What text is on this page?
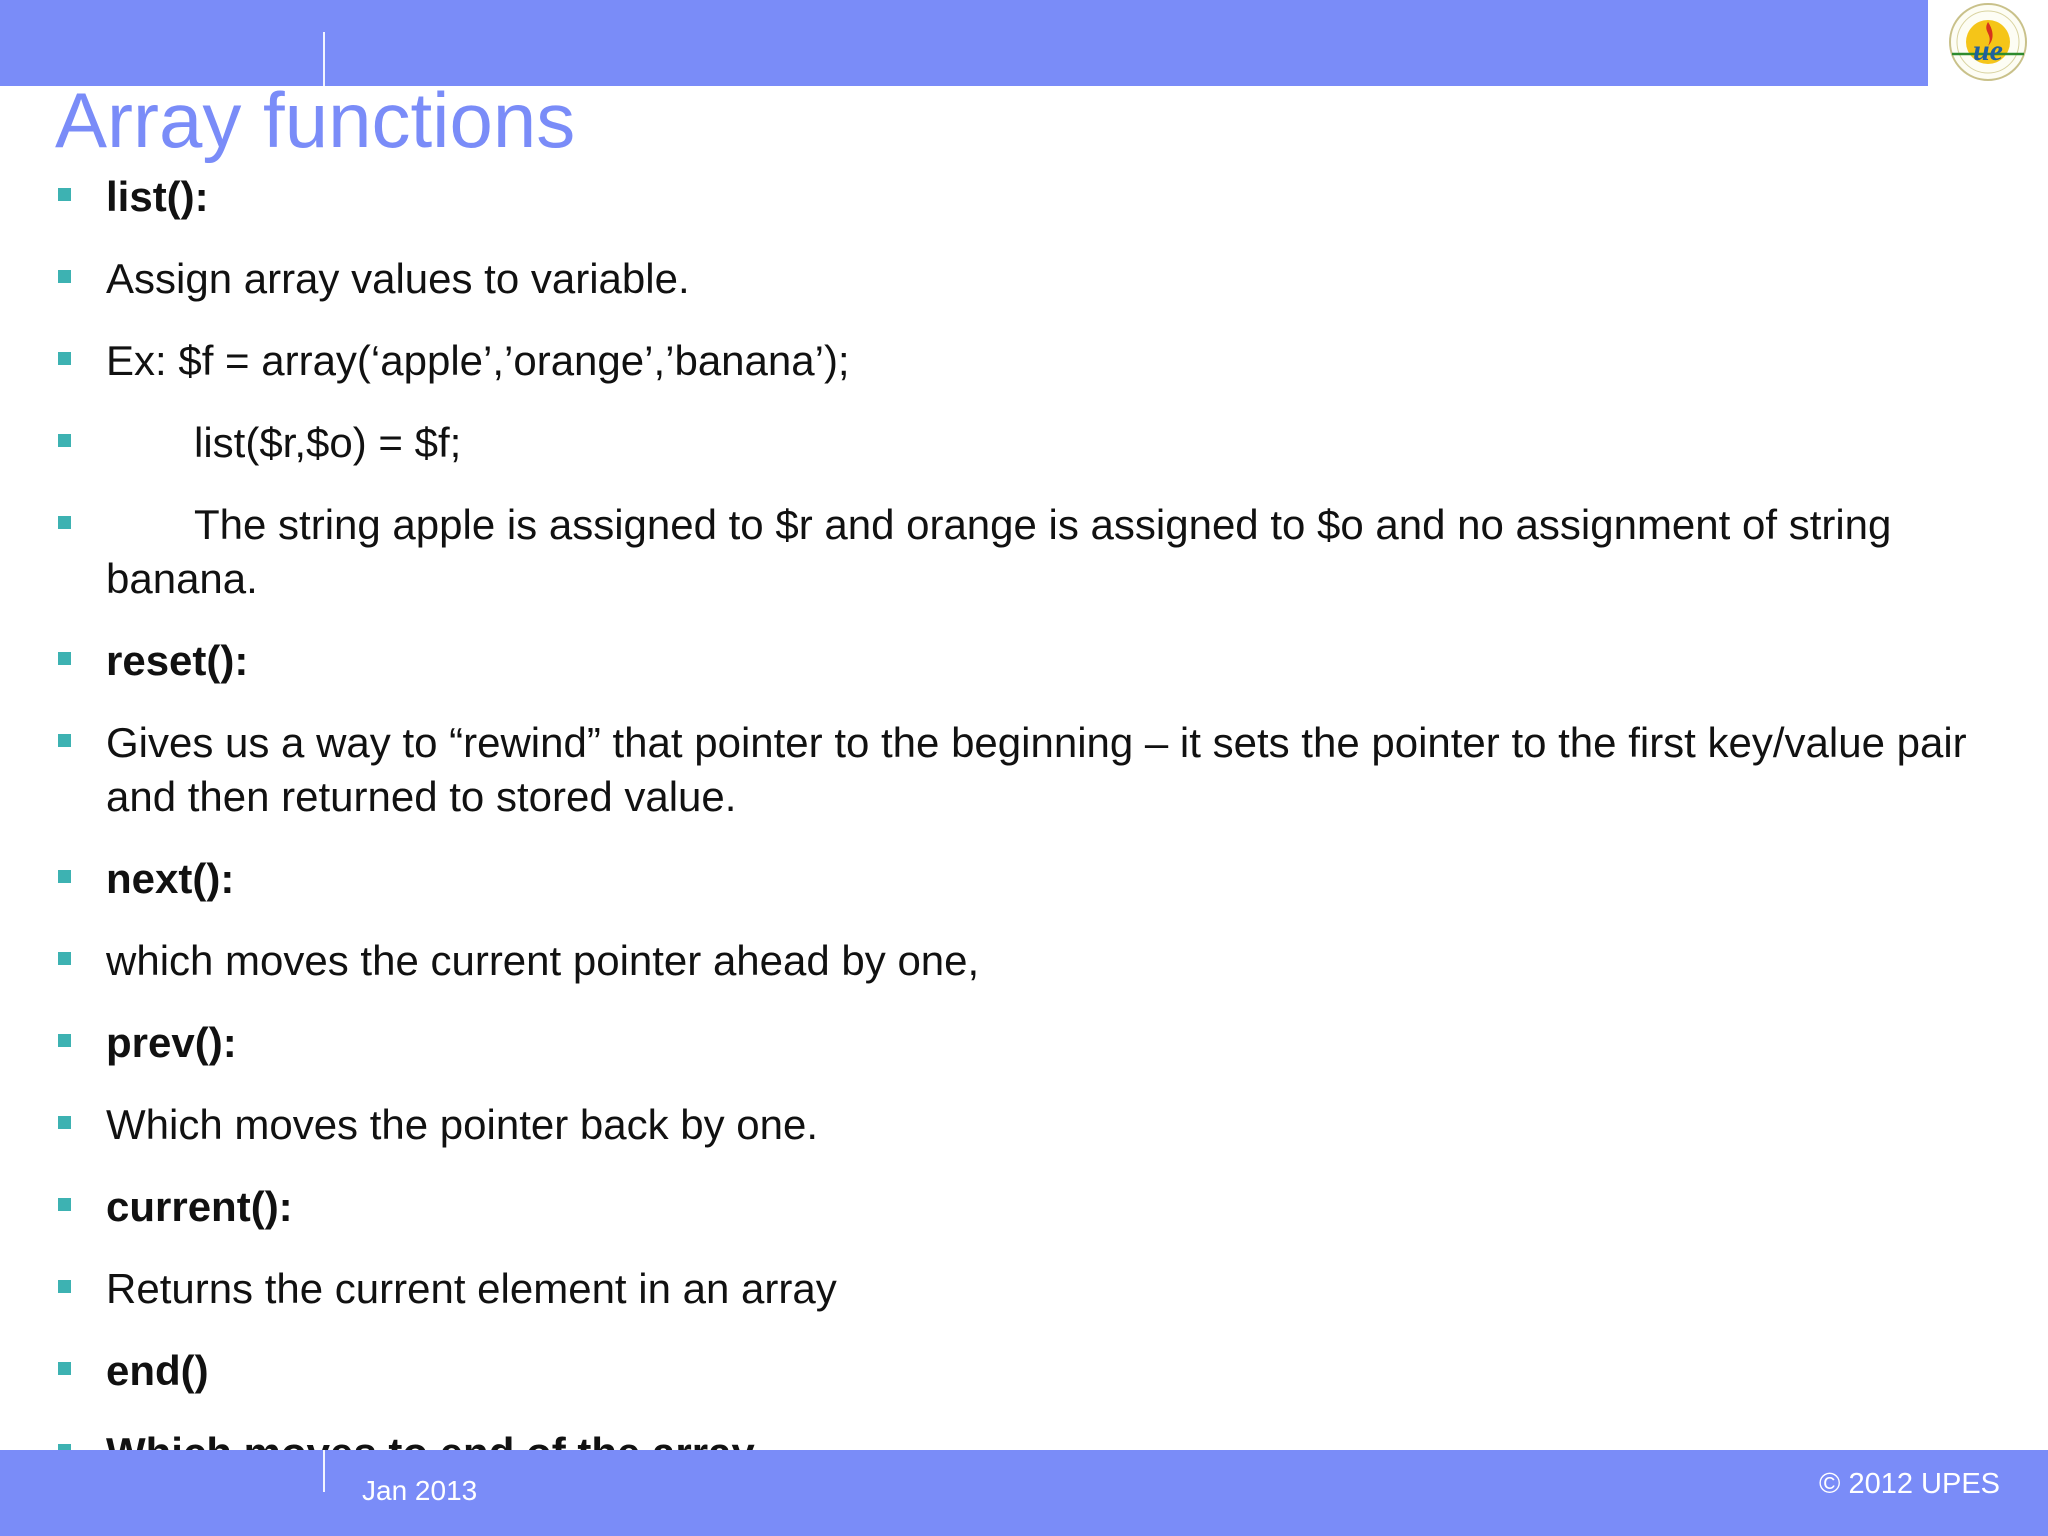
ue
Array functions
list():
Assign array values to variable.
Ex: $f = array(‘apple’,’orange’,’banana’);
list($r,$o) = $f;
The string apple is assigned to $r and orange is assigned to $o and no assignment of string banana.
reset():
Gives us a way to “rewind” that pointer to the beginning – it sets the pointer to the first key/value pair and then returned to stored value.
next():
which moves the current pointer ahead by one,
prev():
Which moves the pointer back by one.
current():
Returns the current element in an array
end()
Jan 2013	© 2012 UPES
